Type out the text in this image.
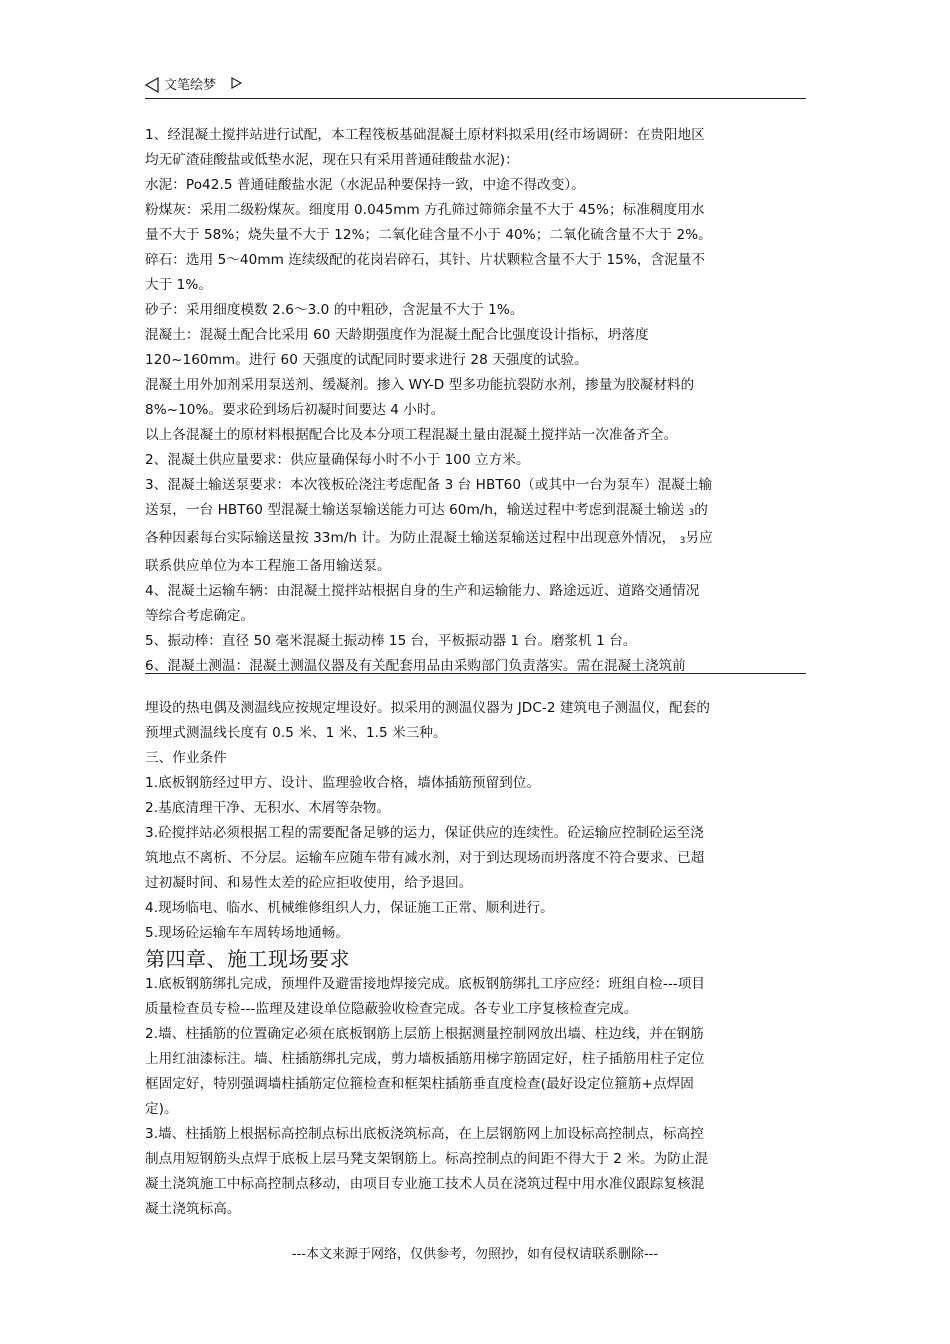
文笔绘梦

1、经混凝土搅拌站进行试配，本工程筏板基础混凝土原材料拟采用(经市场调研：在贵阳地区

均无矿渣硅酸盐或低垫水泥，现在只有采用普通硅酸盐水泥)：

水泥：Po42.5 普通硅酸盐水泥（水泥品种要保持一致，中途不得改变）。

粉煤灰：采用二级粉煤灰。细度用 0.045mm 方孔筛过筛筛余量不大于 45%；标准稠度用水

量不大于 58%；烧失量不大于 12%；二氧化硅含量不小于 40%；二氧化硫含量不大于 2%。

碎石：选用 5～40mm 连续级配的花岗岩碎石，其针、片状颗粒含量不大于 15%，含泥量不

大于 1%。

砂子：采用细度模数 2.6～3.0 的中粗砂，含泥量不大于 1%。

混凝土：混凝土配合比采用 60 天龄期强度作为混凝土配合比强度设计指标，坍落度

120~160mm。进行 60 天强度的试配同时要求进行 28 天强度的试验。

混凝土用外加剂采用泵送剂、缓凝剂。掺入 WY-D 型多功能抗裂防水剂，掺量为胶凝材料的

8%~10%。要求砼到场后初凝时间要达 4 小时。

以上各混凝土的原材料根据配合比及本分项工程混凝土量由混凝土搅拌站一次准备齐全。

2、混凝土供应量要求：供应量确保每小时不小于 100 立方米。

3、混凝土输送泵要求：本次筏板砼浇注考虑配备 3 台 HBT60（或其中一台为泵车）混凝土输

送泵，一台 HBT60 型混凝土输送泵输送能力可达 60m/h，输送过程中考虑到混凝土输送 3的

各种因素每台实际输送量按 33m/h 计。为防止混凝土输送泵输送过程中出现意外情况， 3另应

联系供应单位为本工程施工备用输送泵。

4、混凝土运输车辆：由混凝土搅拌站根据自身的生产和运输能力、路途远近、道路交通情况

等综合考虑确定。

5、振动棒：直径 50 毫米混凝土振动棒 15 台，平板振动器 1 台。磨浆机 1 台。

6、混凝土测温：混凝土测温仪器及有关配套用品由采购部门负责落实。需在混凝土浇筑前

埋设的热电偶及测温线应按规定埋设好。拟采用的测温仪器为 JDC-2 建筑电子测温仪，配套的

预埋式测温线长度有 0.5 米、1 米、1.5 米三种。

三、作业条件

1.底板钢筋经过甲方、设计、监理验收合格，墙体插筋预留到位。

2.基底清理干净、无积水、木屑等杂物。

3.砼搅拌站必须根据工程的需要配备足够的运力，保证供应的连续性。砼运输应控制砼运至浇

筑地点不离析、不分层。运输车应随车带有减水剂，对于到达现场而坍落度不符合要求、已超

过初凝时间、和易性太差的砼应拒收使用，给予退回。

4.现场临电、临水、机械维修组织人力，保证施工正常、顺利进行。

5.现场砼运输车车周转场地通畅。

第四章、施工现场要求

1.底板钢筋绑扎完成，预埋件及避雷接地焊接完成。底板钢筋绑扎工序应经：班组自检---项目

质量检查员专检---监理及建设单位隐蔽验收检查完成。各专业工序复核检查完成。

2.墙、柱插筋的位置确定必须在底板钢筋上层筋上根据测量控制网放出墙、柱边线，并在钢筋

上用红油漆标注。墙、柱插筋绑扎完成，剪力墙板插筋用梯字筋固定好，柱子插筋用柱子定位

框固定好，特别强调墙柱插筋定位箍检查和框架柱插筋垂直度检查(最好设定位箍筋+点焊固

定)。

3.墙、柱插筋上根据标高控制点标出底板浇筑标高，在上层钢筋网上加设标高控制点，标高控

制点用短钢筋头点焊于底板上层马凳支架钢筋上。标高控制点的间距不得大于 2 米。为防止混

凝土浇筑施工中标高控制点移动，由项目专业施工技术人员在浇筑过程中用水准仪跟踪复核混

凝土浇筑标高。

---本文来源于网络，仅供参考，勿照抄，如有侵权请联系删除---
